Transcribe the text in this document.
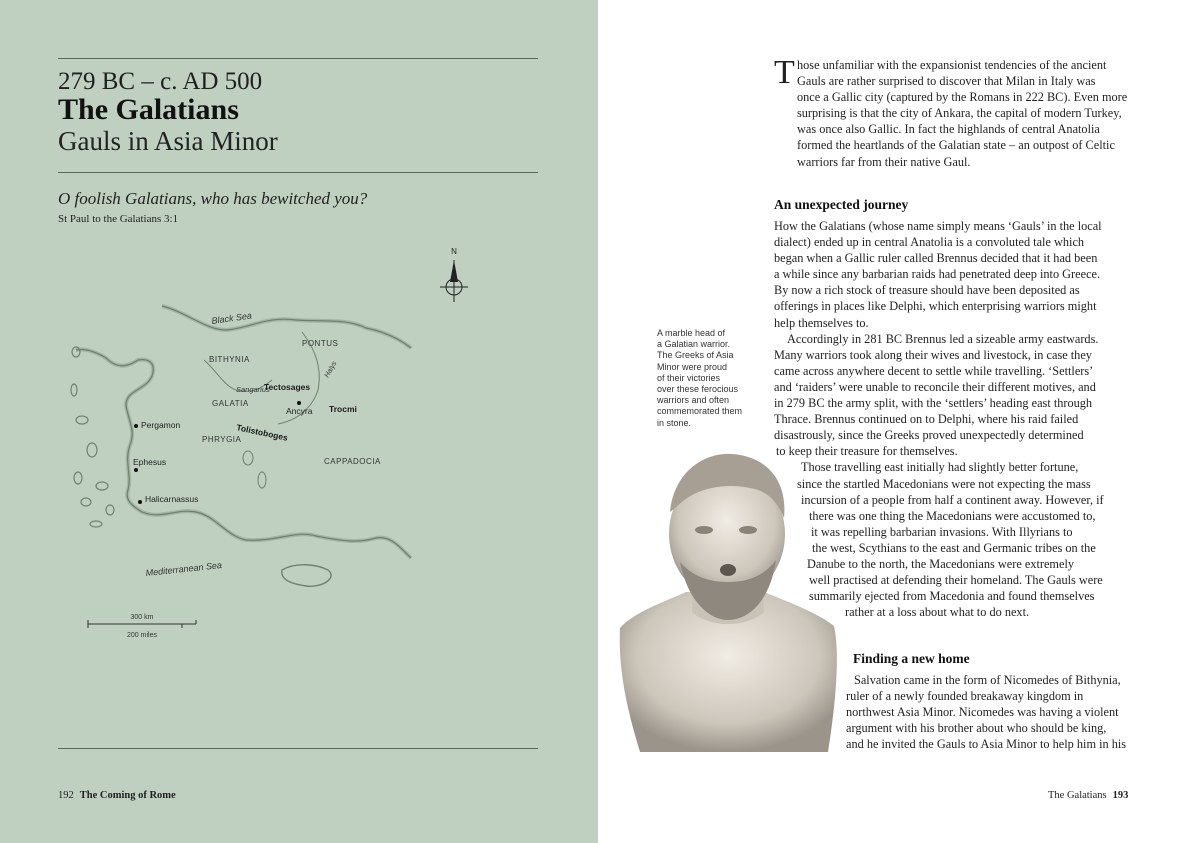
279 BC – c. AD 500
The Galatians
Gauls in Asia Minor
O foolish Galatians, who has bewitched you?
St Paul to the Galatians 3:1
N
Black Sea
PONTUS
BITHYNIA
Halys
Tectosages
Sangarius
GALATIA
Ancyra Trocmi
Pergamon	Tolistoboges
PHRYGIA
Ephesus	CAPPADOCIA
Halicarnassus
Mediterranean Sea
300 km
200 miles
192 The Coming of Rome
T hose unfamiliar with the expansionist tendencies of the ancient
Gauls are rather surprised to discover that Milan in Italy was
once a Gallic city (captured by the Romans in 222 BC). Even more
surprising is that the city of Ankara, the capital of modern Turkey,
was once also Gallic. In fact the highlands of central Anatolia
formed the heartlands of the Galatian state – an outpost of Celtic
warriors far from their native Gaul.
An unexpected journey
How the Galatians (whose name simply means ‘Gauls’ in the local
dialect) ended up in central Anatolia is a convoluted tale which
began when a Gallic ruler called Brennus decided that it had been
a while since any barbarian raids had penetrated deep into Greece.
By now a rich stock of treasure should have been deposited as
offerings in places like Delphi, which enterprising warriors might
help themselves to.
Accordingly in 281 BC Brennus led a sizeable army eastwards.
Many warriors took along their wives and livestock, in case they
came across anywhere decent to settle while travelling. ‘Settlers’
and ‘raiders’ were unable to reconcile their different motives, and
in 279 BC the army split, with the ‘settlers’ heading east through
Thrace. Brennus continued on to Delphi, where his raid failed
disastrously, since the Greeks proved unexpectedly determined
to keep their treasure for themselves.
Those travelling east initially had slightly better fortune,
since the startled Macedonians were not expecting the mass
incursion of a people from half a continent away. However, if
there was one thing the Macedonians were accustomed to,
it was repelling barbarian invasions. With Illyrians to
the west, Scythians to the east and Germanic tribes on the
Danube to the north, the Macedonians were extremely
well practised at defending their homeland. The Gauls were
summarily ejected from Macedonia and found themselves
rather at a loss about what to do next.
Finding a new home
Salvation came in the form of Nicomedes of Bithynia,
ruler of a newly founded breakaway kingdom in
northwest Asia Minor. Nicomedes was having a violent
argument with his brother about who should be king,
and he invited the Gauls to Asia Minor to help him in his
A marble head of
a Galatian warrior.
The Greeks of Asia
Minor were proud
of their victories
over these ferocious
warriors and often
commemorated them
in stone.
The Galatians 193
